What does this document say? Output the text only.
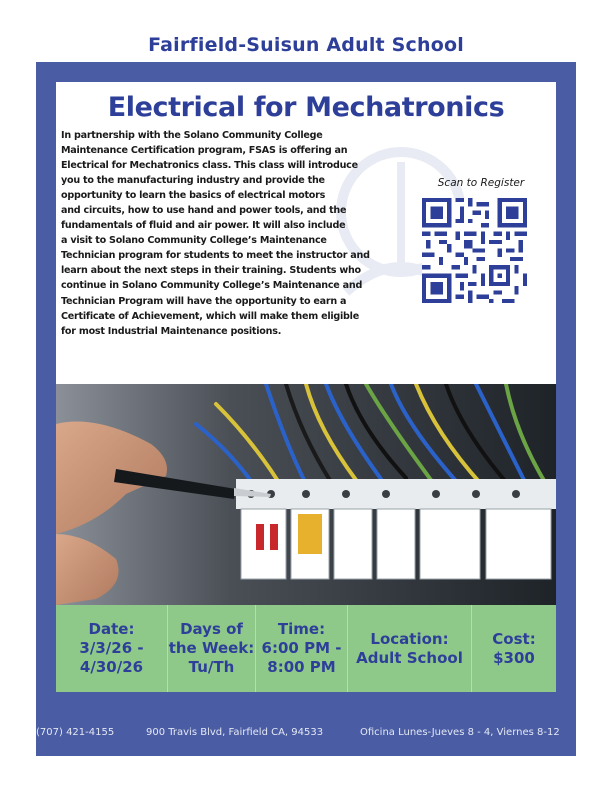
Fairfield-Suisun Adult School
Electrical for Mechatronics
In partnership with the Solano Community College
Maintenance Certification program, FSAS is offering an
Electrical for Mechatronics class. This class will introduce
you to the manufacturing industry and provide the
opportunity to learn the basics of electrical motors
and circuits, how to use hand and power tools, and the
fundamentals of fluid and air power. It will also include
a visit to Solano Community College’s Maintenance
Technician program for students to meet the instructor and
learn about the next steps in their training. Students who
continue in Solano Community College’s Maintenance and
Technician Program will have the opportunity to earn a
Certificate of Achievement, which will make them eligible
for most Industrial Maintenance positions.
Scan to Register
Date:
3/3/26 -
4/30/26
Days of
the Week:
Tu/Th
Time:
6:00 PM -
8:00 PM
Location:
Adult School
Cost:
$300
(707) 421-4155	900 Travis Blvd, Fairfield CA, 94533	Oficina Lunes-Jueves 8 - 4, Viernes 8-12
